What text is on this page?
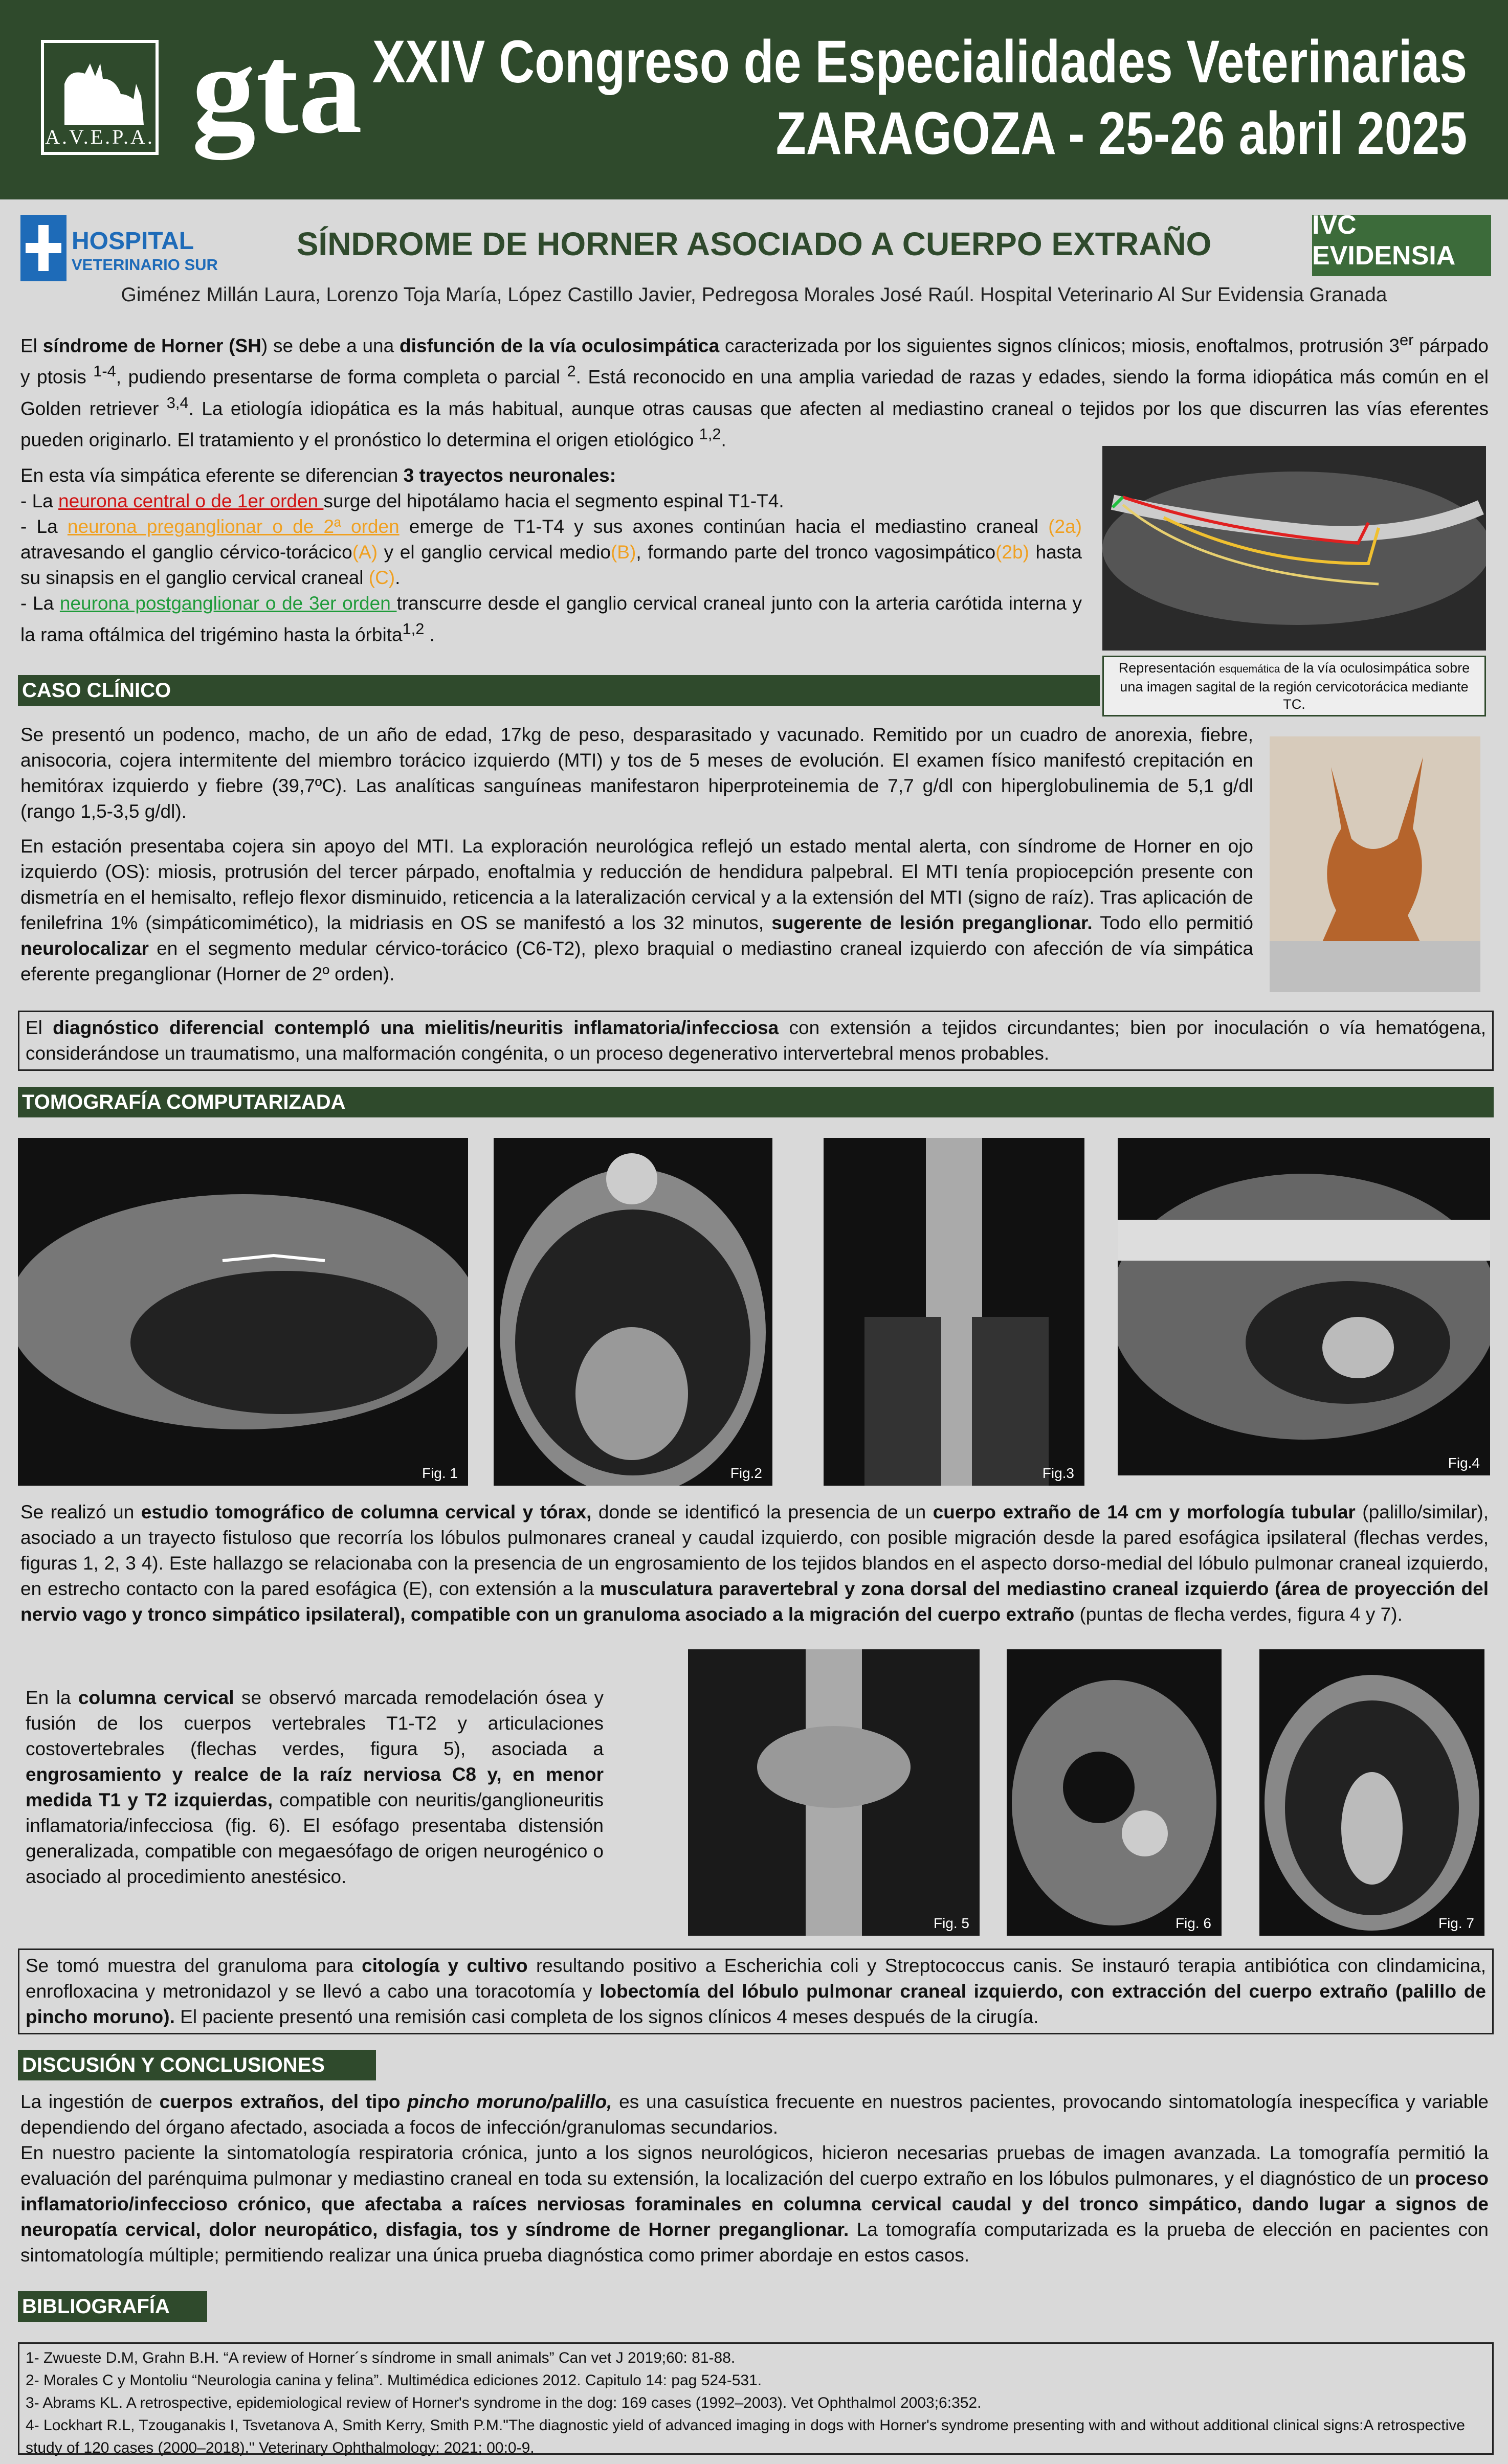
A.V.E.P.A. gta XXIV Congreso de Especialidades Veterinarias
ZARAGOZA - 25-26 abril 2025
HOSPITAL
VETERINARIO SUR
SÍNDROME DE HORNER ASOCIADO A CUERPO EXTRAÑO
IVC EVIDENSIA
Giménez Millán Laura, Lorenzo Toja María, López Castillo Javier, Pedregosa Morales José Raúl. Hospital Veterinario Al Sur Evidensia Granada
El síndrome de Horner (SH) se debe a una disfunción de la vía oculosimpática caracterizada por los siguientes signos clínicos; miosis, enoftalmos, protrusión 3er párpado y ptosis $^{1-4}$, pudiendo presentarse de forma completa o parcial $^2$. Está reconocido en una amplia variedad de razas y edades, siendo la forma idiopática más común en el Golden retriever $^{3,4}$. La etiología idiopática es la más habitual, aunque otras causas que afecten al mediastino craneal o tejidos por los que discurren las vías eferentes pueden originarlo. El tratamiento y el pronóstico lo determina el origen etiológico $^{1,2}$.
En esta vía simpática eferente se diferencian 3 trayectos neuronales:
- La neurona central o de 1er orden surge del hipotálamo hacia el segmento espinal T1-T4.
- La neurona preganglionar o de 2ª orden emerge de T1-T4 y sus axones continúan hacia el mediastino craneal (2a) atravesando el ganglio cérvico-torácico(A) y el ganglio cervical medio(B), formando parte del tronco vagosimpático(2b) hasta su sinapsis en el ganglio cervical craneal (C).
- La neurona postganglionar o de 3er orden transcurre desde el ganglio cervical craneal junto con la arteria carótida interna y la rama oftálmica del trigémino hasta la órbita$^{1,2}$ .
Representación esquemática de la vía oculosimpática sobre una imagen sagital de la región cervicotorácica mediante TC.
CASO CLÍNICO
Se presentó un podenco, macho, de un año de edad, 17kg de peso, desparasitado y vacunado. Remitido por un cuadro de anorexia, fiebre, anisocoria, cojera intermitente del miembro torácico izquierdo (MTI) y tos de 5 meses de evolución. El examen físico manifestó crepitación en hemitórax izquierdo y fiebre (39,7ºC). Las analíticas sanguíneas manifestaron hiperproteinemia de 7,7 g/dl con hiperglobulinemia de 5,1 g/dl (rango 1,5-3,5 g/dl).
En estación presentaba cojera sin apoyo del MTI. La exploración neurológica reflejó un estado mental alerta, con síndrome de Horner en ojo izquierdo (OS): miosis, protrusión del tercer párpado, enoftalmia y reducción de hendidura palpebral. El MTI tenía propiocepción presente con dismetría en el hemisalto, reflejo flexor disminuido, reticencia a la lateralización cervical y a la extensión del MTI (signo de raíz). Tras aplicación de fenilefrina 1% (simpáticomimético), la midriasis en OS se manifestó a los 32 minutos, sugerente de lesión preganglionar. Todo ello permitió neurolocalizar en el segmento medular cérvico-torácico (C6-T2), plexo braquial o mediastino craneal izquierdo con afección de vía simpática eferente preganglionar (Horner de 2º orden).
El diagnóstico diferencial contempló una mielitis/neuritis inflamatoria/infecciosa con extensión a tejidos circundantes; bien por inoculación o vía hematógena, considerándose un traumatismo, una malformación congénita, o un proceso degenerativo intervertebral menos probables.
TOMOGRAFÍA COMPUTARIZADA
Fig. 1	Fig.2	Fig.3
Fig.4
Se realizó un estudio tomográfico de columna cervical y tórax, donde se identificó la presencia de un cuerpo extraño de 14 cm y morfología tubular (palillo/similar), asociado a un trayecto fistuloso que recorría los lóbulos pulmonares craneal y caudal izquierdo, con posible migración desde la pared esofágica ipsilateral (flechas verdes, figuras 1, 2, 3 4). Este hallazgo se relacionaba con la presencia de un engrosamiento de los tejidos blandos en el aspecto dorso-medial del lóbulo pulmonar craneal izquierdo, en estrecho contacto con la pared esofágica (E), con extensión a la musculatura paravertebral y zona dorsal del mediastino craneal izquierdo (área de proyección del nervio vago y tronco simpático ipsilateral), compatible con un granuloma asociado a la migración del cuerpo extraño (puntas de flecha verdes, figura 4 y 7).
En la columna cervical se observó marcada remodelación ósea y fusión de los cuerpos vertebrales T1-T2 y articulaciones costovertebrales (flechas verdes, figura 5), asociada a engrosamiento y realce de la raíz nerviosa C8 y, en menor medida T1 y T2 izquierdas, compatible con neuritis/ganglioneuritis inflamatoria/infecciosa (fig. 6). El esófago presentaba distensión generalizada, compatible con megaesófago de origen neurogénico o asociado al procedimiento anestésico.
Fig. 5	Fig. 6	Fig. 7
Se tomó muestra del granuloma para citología y cultivo resultando positivo a Escherichia coli y Streptococcus canis. Se instauró terapia antibiótica con clindamicina, enrofloxacina y metronidazol y se llevó a cabo una toracotomía y lobectomía del lóbulo pulmonar craneal izquierdo, con extracción del cuerpo extraño (palillo de pincho moruno). El paciente presentó una remisión casi completa de los signos clínicos 4 meses después de la cirugía.
DISCUSIÓN Y CONCLUSIONES
La ingestión de cuerpos extraños, del tipo pincho moruno/palillo, es una casuística frecuente en nuestros pacientes, provocando sintomatología inespecífica y variable dependiendo del órgano afectado, asociada a focos de infección/granulomas secundarios.
En nuestro paciente la sintomatología respiratoria crónica, junto a los signos neurológicos, hicieron necesarias pruebas de imagen avanzada. La tomografía permitió la evaluación del parénquima pulmonar y mediastino craneal en toda su extensión, la localización del cuerpo extraño en los lóbulos pulmonares, y el diagnóstico de un proceso inflamatorio/infeccioso crónico, que afectaba a raíces nerviosas foraminales en columna cervical caudal y del tronco simpático, dando lugar a signos de neuropatía cervical, dolor neuropático, disfagia, tos y síndrome de Horner preganglionar. La tomografía computarizada es la prueba de elección en pacientes con sintomatología múltiple; permitiendo realizar una única prueba diagnóstica como primer abordaje en estos casos.
BIBLIOGRAFÍA
1- Zwueste D.M, Grahn B.H. “A review of Horner´s síndrome in small animals” Can vet J 2019;60: 81-88.
2- Morales C y Montoliu “Neurologia canina y felina”. Multimédica ediciones 2012. Capitulo 14: pag 524-531.
3- Abrams KL. A retrospective, epidemiological review of Horner's syndrome in the dog: 169 cases (1992–2003). Vet Ophthalmol 2003;6:352.
4- Lockhart R.L, Tzouganakis I, Tsvetanova A, Smith Kerry, Smith P.M."The diagnostic yield of advanced imaging in dogs with Horner's syndrome presenting with and without additional clinical signs:A retrospective study of 120 cases (2000–2018)." Veterinary Ophthalmology; 2021; 00:0-9.
